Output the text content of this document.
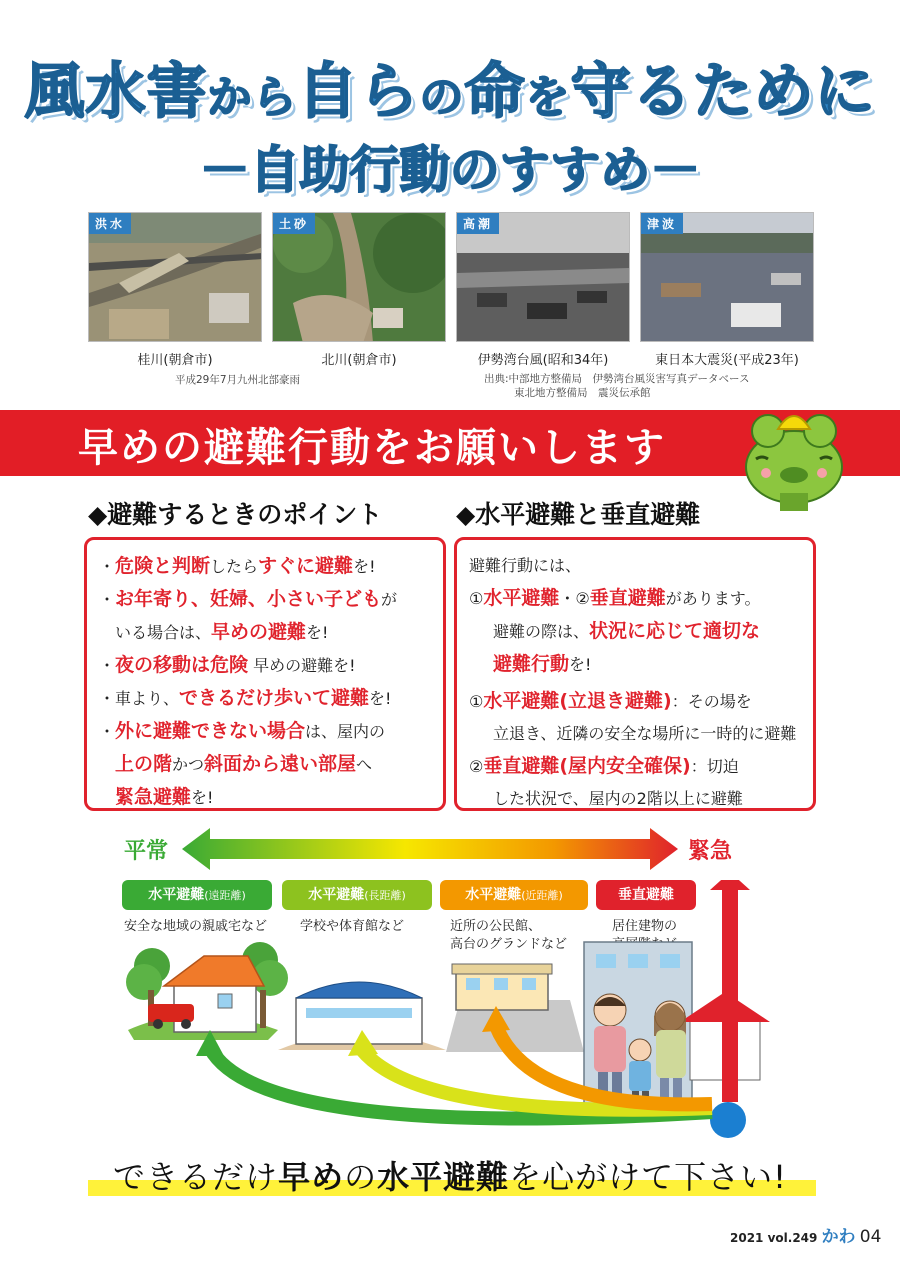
風水害から自らの命を守るために
－自助行動のすすめ－
洪水	土砂	高潮	津波
桂川(朝倉市)	北川(朝倉市)	伊勢湾台風(昭和34年)	東日本大震災(平成23年)
平成29年7月九州北部豪雨	出典:中部地方整備局　伊勢湾台風災害写真データベース
東北地方整備局　震災伝承館
早めの避難行動をお願いします
◆避難するときのポイント	◆水平避難と垂直避難
・危険と判断したらすぐに避難を!
・お年寄り、妊婦、小さい子どもが
いる場合は、早めの避難を!
・夜の移動は危険 早めの避難を!
・車より、できるだけ歩いて避難を!
・外に避難できない場合は、屋内の
上の階かつ斜面から遠い部屋へ
緊急避難を!
避難行動には、
①水平避難・②垂直避難があります。
避難の際は、状況に応じて適切な
避難行動を!
①水平避難(立退き避難)：その場を
立退き、近隣の安全な場所に一時的に避難
②垂直避難(屋内安全確保)：切迫
した状況で、屋内の2階以上に避難
平常	緊急
水平避難(遠距離)	水平避難(長距離)	水平避難(近距離)	垂直避難
安全な地域の親戚宅など	学校や体育館など	近所の公民館、
高台のグランドなど
居住建物の
できるだけ早めの水平避難を心がけて下さい!
2021 vol.249 かわ 04
